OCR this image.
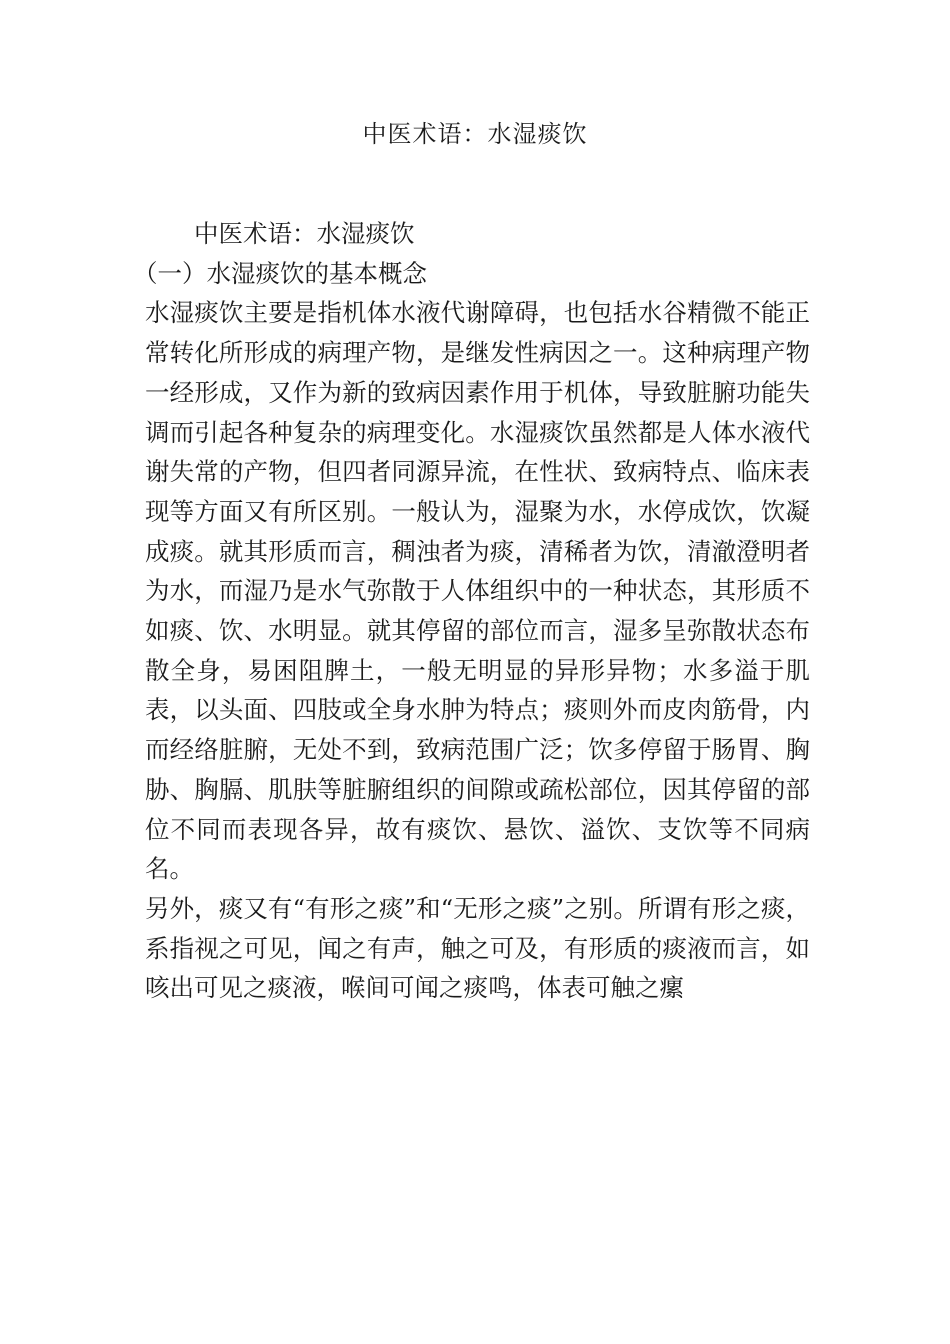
中医术语：水湿痰饮

中医术语：水湿痰饮

（一）水湿痰饮的基本概念

水湿痰饮主要是指机体水液代谢障碍，也包括水谷精微不能正常转化所形成的病理产物，是继发性病因之一。这种病理产物一经形成，又作为新的致病因素作用于机体，导致脏腑功能失调而引起各种复杂的病理变化。水湿痰饮虽然都是人体水液代谢失常的产物，但四者同源异流，在性状、致病特点、临床表现等方面又有所区别。一般认为，湿聚为水，水停成饮，饮凝成痰。就其形质而言，稠浊者为痰，清稀者为饮，清澈澄明者为水，而湿乃是水气弥散于人体组织中的一种状态，其形质不如痰、饮、水明显。就其停留的部位而言，湿多呈弥散状态布散全身，易困阻脾土，一般无明显的异形异物；水多溢于肌表，以头面、四肢或全身水肿为特点；痰则外而皮肉筋骨，内而经络脏腑，无处不到，致病范围广泛；饮多停留于肠胃、胸胁、胸膈、肌肤等脏腑组织的间隙或疏松部位，因其停留的部位不同而表现各异，故有痰饮、悬饮、溢饮、支饮等不同病名。

另外，痰又有“有形之痰”和“无形之痰”之别。所谓有形之痰，系指视之可见，闻之有声，触之可及，有形质的痰液而言，如咳出可见之痰液，喉间可闻之痰鸣，体表可触之瘰
